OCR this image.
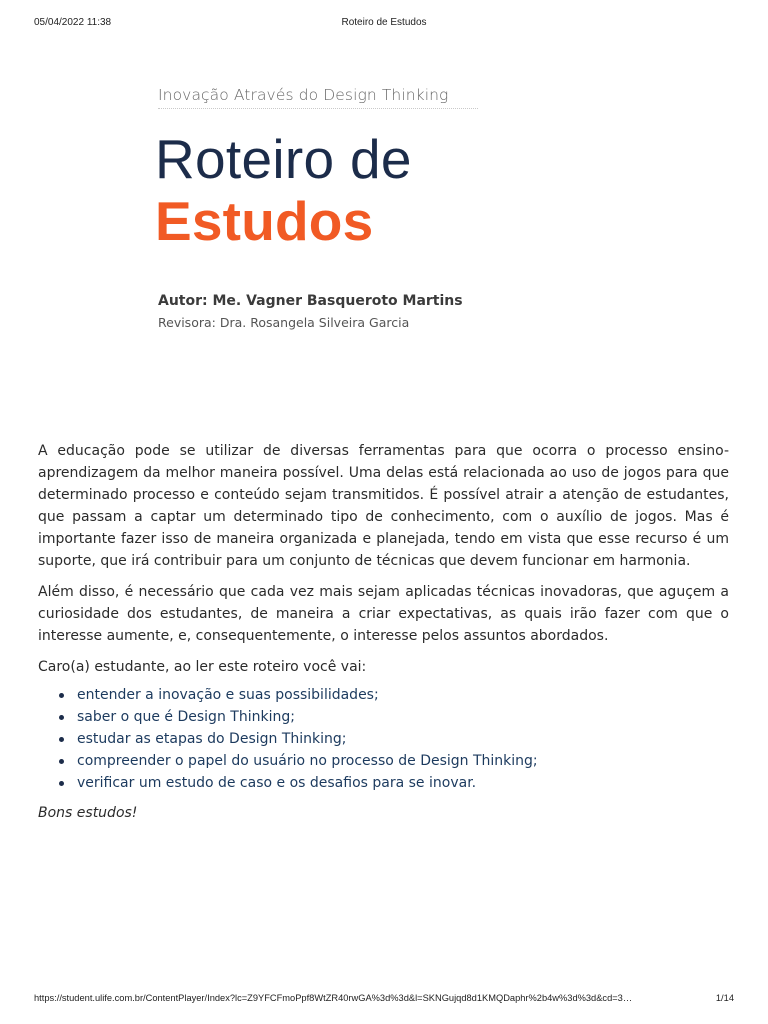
05/04/2022 11:38	Roteiro de Estudos
Inovação Através do Design Thinking
Roteiro de
Estudos
Autor: Me. Vagner Basqueroto Martins
Revisora: Dra. Rosangela Silveira Garcia

A educação pode se utilizar de diversas ferramentas para que ocorra o processo ensino-aprendizagem da melhor maneira possível. Uma delas está relacionada ao uso de jogos para que determinado processo e conteúdo sejam transmitidos. É possível atrair a atenção de estudantes, que passam a captar um determinado tipo de conhecimento, com o auxílio de jogos. Mas é importante fazer isso de maneira organizada e planejada, tendo em vista que esse recurso é um suporte, que irá contribuir para um conjunto de técnicas que devem funcionar em harmonia.

Além disso, é necessário que cada vez mais sejam aplicadas técnicas inovadoras, que aguçem a curiosidade dos estudantes, de maneira a criar expectativas, as quais irão fazer com que o interesse aumente, e, consequentemente, o interesse pelos assuntos abordados.

Caro(a) estudante, ao ler este roteiro você vai:

entender a inovação e suas possibilidades;
saber o que é Design Thinking;
estudar as etapas do Design Thinking;
compreender o papel do usuário no processo de Design Thinking;
verificar um estudo de caso e os desafios para se inovar.

Bons estudos!

https://student.ulife.com.br/ContentPlayer/Index?lc=Z9YFCFmoPpf8WtZR40rwGA%3d%3d&l=SKNGujqd8d1KMQDaphr%2b4w%3d%3d&cd=3…	1/14
